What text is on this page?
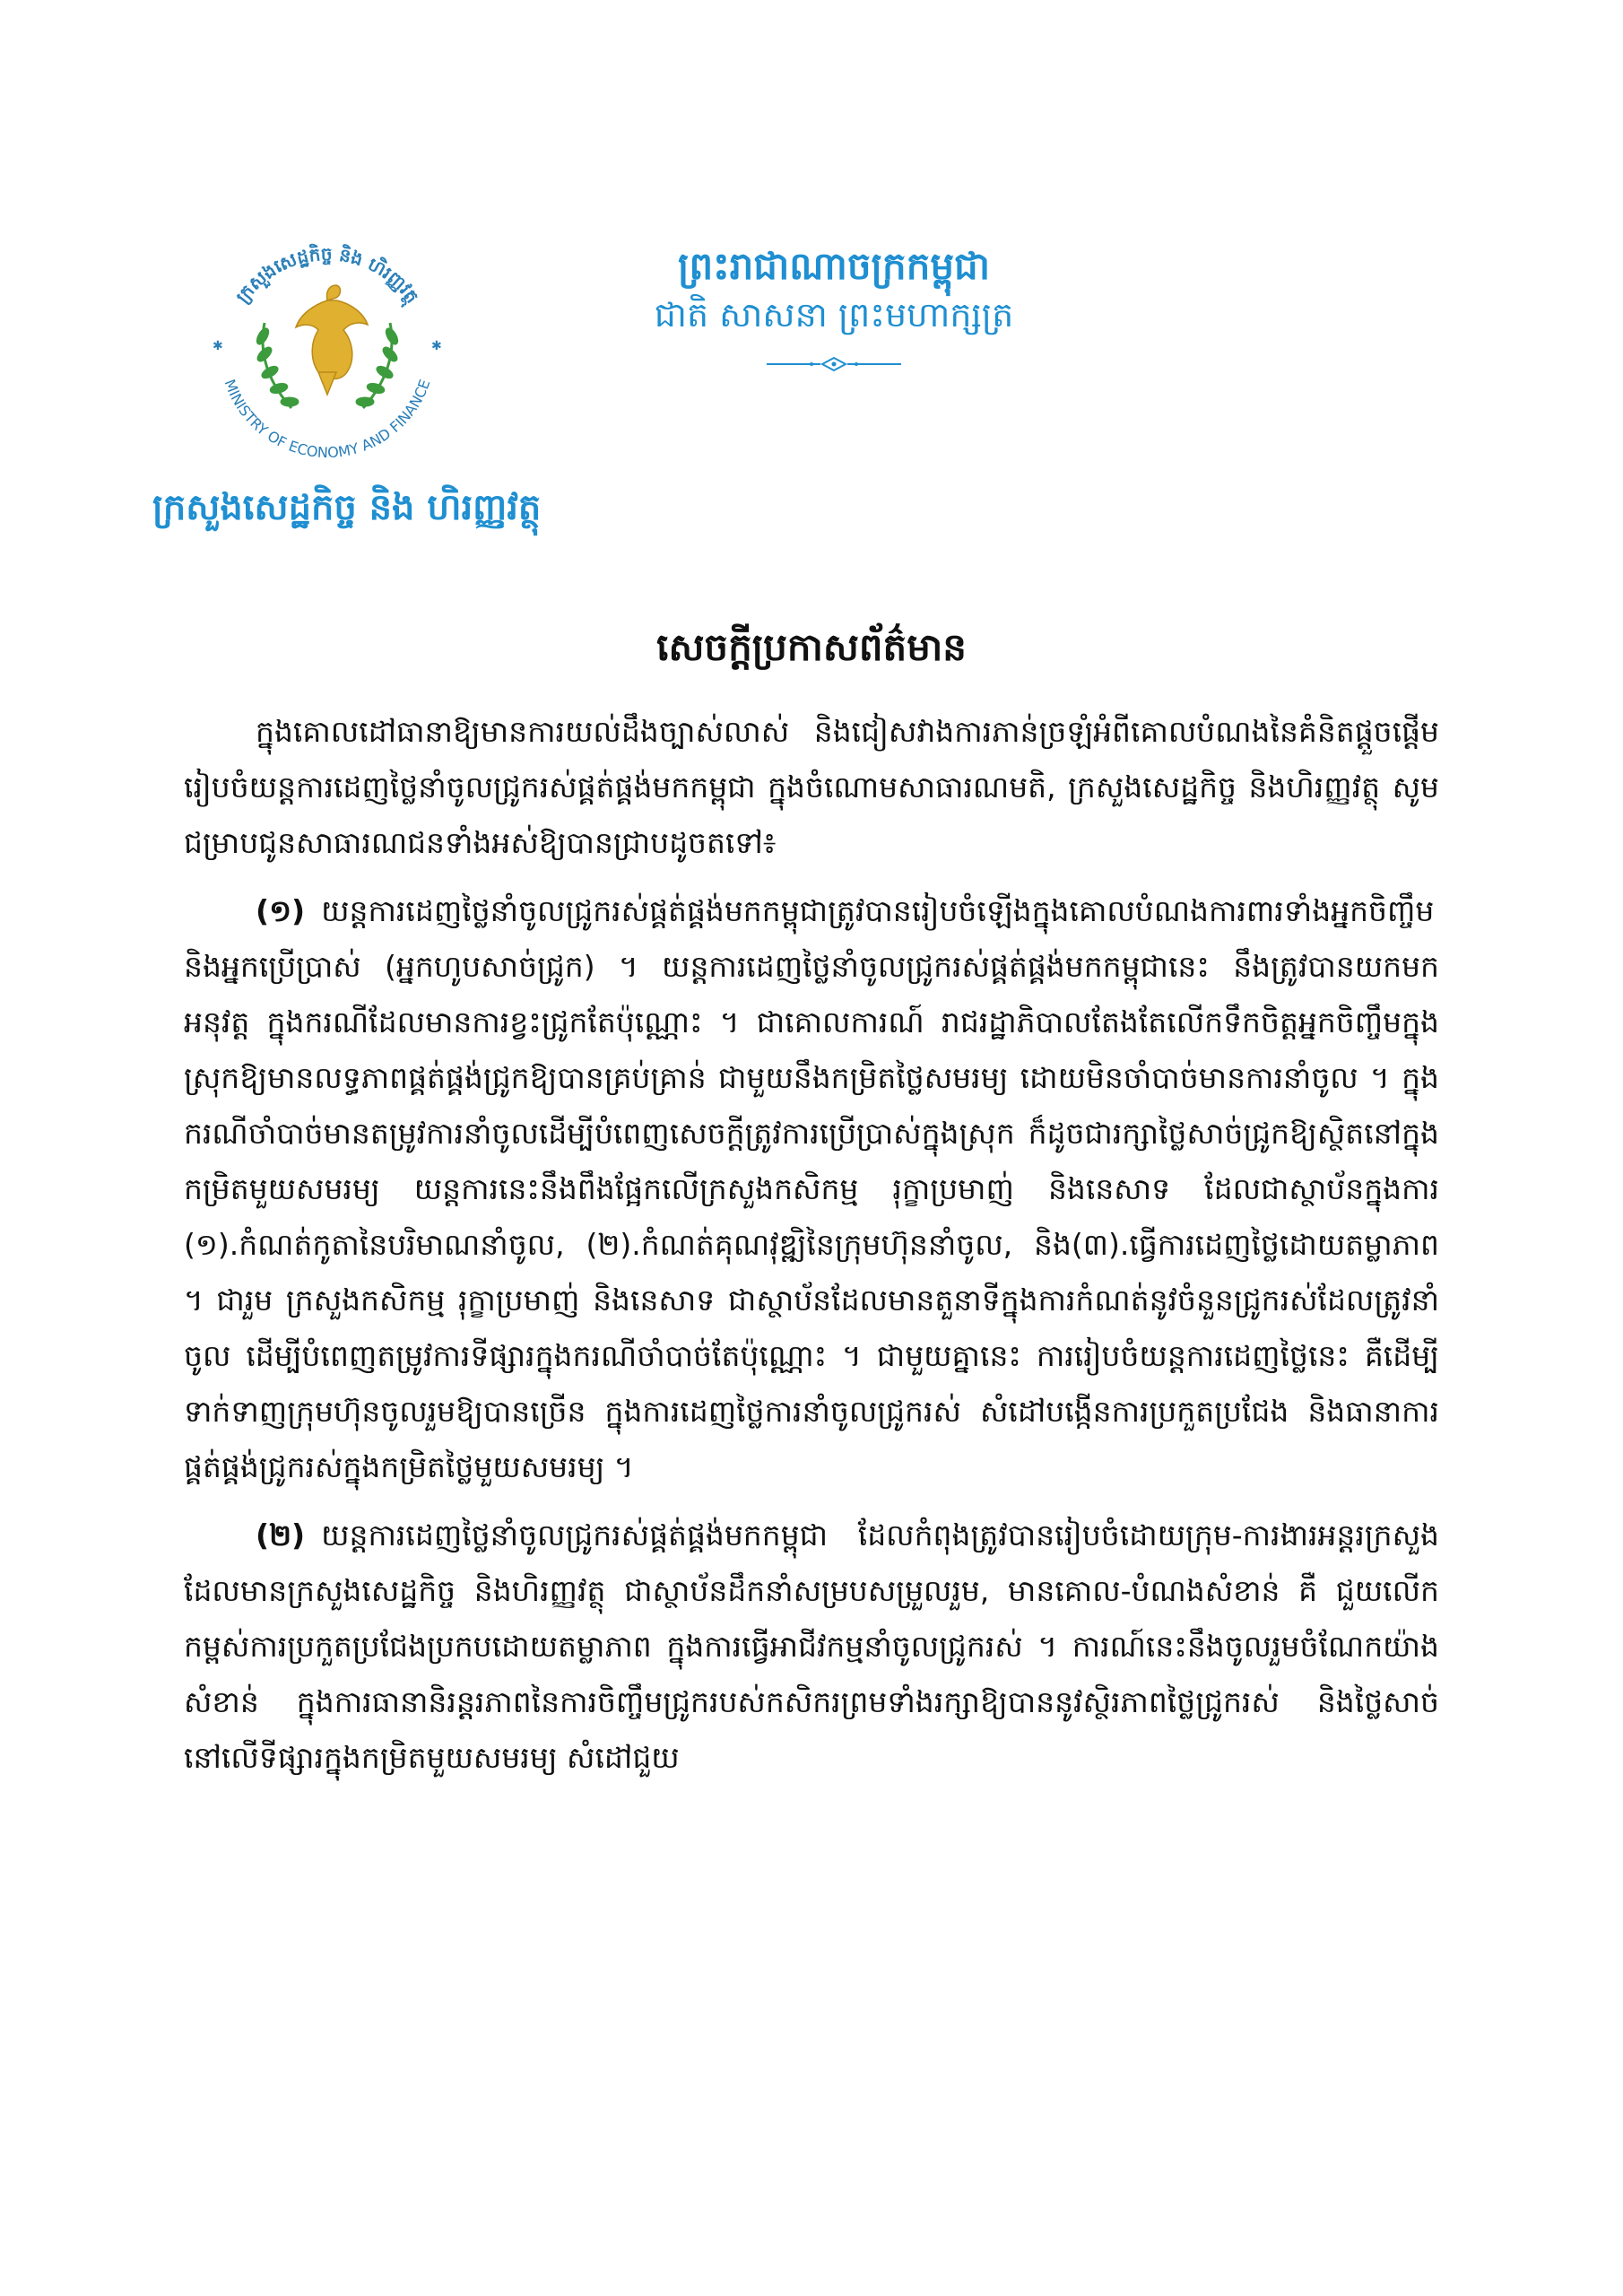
ក្រសួងសេដ្ឋកិច្ច និង ហិរញ្ញវត្ថុ
MINISTRY OF ECONOMY AND FINANCE
✱	✱
ក្រសួងសេដ្ឋកិច្ច និង ហិរញ្ញវត្ថុ
ព្រះរាជាណាចក្រកម្ពុជា
ជាតិ សាសនា ព្រះមហាក្សត្រ
សេចក្តីប្រកាសព័ត៌មាន

ក្នុងគោលដៅធានាឱ្យមានការយល់ដឹងច្បាស់លាស់ និងជៀសវាងការភាន់ច្រឡំអំពីគោលបំណងនៃគំនិតផ្តួចផ្តើមរៀបចំយន្តការដេញថ្លៃនាំចូលជ្រូករស់ផ្គត់ផ្គង់មកកម្ពុជា ក្នុងចំណោមសាធារណមតិ, ក្រសួងសេដ្ឋកិច្ច និងហិរញ្ញវត្ថុ សូមជម្រាបជូនសាធារណជនទាំងអស់ឱ្យបានជ្រាបដូចតទៅ៖

(១) យន្តការដេញថ្លៃនាំចូលជ្រូករស់ផ្គត់ផ្គង់មកកម្ពុជាត្រូវបានរៀបចំឡើងក្នុងគោលបំណងការពារទាំងអ្នកចិញ្ចឹម និងអ្នកប្រើប្រាស់ (អ្នកហូបសាច់ជ្រូក) ។ យន្តការដេញថ្លៃនាំចូលជ្រូករស់ផ្គត់ផ្គង់មកកម្ពុជានេះ នឹងត្រូវបានយកមកអនុវត្ត ក្នុងករណីដែលមានការខ្វះជ្រូកតែប៉ុណ្ណោះ ។ ជាគោលការណ៍ រាជរដ្ឋាភិបាលតែងតែលើកទឹកចិត្តអ្នកចិញ្ចឹមក្នុងស្រុកឱ្យមានលទ្ធភាពផ្គត់ផ្គង់ជ្រូកឱ្យបានគ្រប់គ្រាន់ ជាមួយនឹងកម្រិតថ្លៃសមរម្យ ដោយមិនចាំបាច់មានការនាំចូល ។ ក្នុងករណីចាំបាច់មានតម្រូវការនាំចូលដើម្បីបំពេញសេចក្តីត្រូវការប្រើប្រាស់ក្នុងស្រុក ក៏ដូចជារក្សាថ្លៃសាច់ជ្រូកឱ្យស្ថិតនៅក្នុងកម្រិតមួយសមរម្យ យន្តការនេះនឹងពឹងផ្អែកលើក្រសួងកសិកម្ម រុក្ខាប្រមាញ់ និងនេសាទ ដែលជាស្ថាប័នក្នុងការ (១).កំណត់កូតានៃបរិមាណនាំចូល, (២).កំណត់គុណវុឌ្ឍិនៃក្រុមហ៊ុននាំចូល, និង(៣).ធ្វើការដេញថ្លៃដោយតម្លាភាព ។ ជារួម ក្រសួងកសិកម្ម រុក្ខាប្រមាញ់ និងនេសាទ ជាស្ថាប័នដែលមានតួនាទីក្នុងការកំណត់នូវចំនួនជ្រូករស់ដែលត្រូវនាំចូល ដើម្បីបំពេញតម្រូវការទីផ្សារក្នុងករណីចាំបាច់តែប៉ុណ្ណោះ ។ ជាមួយគ្នានេះ ការរៀបចំយន្តការដេញថ្លៃនេះ គឺដើម្បីទាក់ទាញក្រុមហ៊ុនចូលរួមឱ្យបានច្រើន ក្នុងការដេញថ្លៃការនាំចូលជ្រូករស់ សំដៅបង្កើនការប្រកួតប្រជែង និងធានាការផ្គត់ផ្គង់ជ្រូករស់ក្នុងកម្រិតថ្លៃមួយសមរម្យ ។

(២) យន្តការដេញថ្លៃនាំចូលជ្រូករស់ផ្គត់ផ្គង់មកកម្ពុជា ដែលកំពុងត្រូវបានរៀបចំដោយក្រុម-ការងារអន្តរក្រសួង ដែលមានក្រសួងសេដ្ឋកិច្ច និងហិរញ្ញវត្ថុ ជាស្ថាប័នដឹកនាំសម្របសម្រួលរួម, មានគោល-បំណងសំខាន់ គឺ ជួយលើកកម្ពស់ការប្រកួតប្រជែងប្រកបដោយតម្លាភាព ក្នុងការធ្វើអាជីវកម្មនាំចូលជ្រូករស់ ។ ការណ៍នេះនឹងចូលរួមចំណែកយ៉ាងសំខាន់ ក្នុងការធានានិរន្តរភាពនៃការចិញ្ចឹមជ្រូករបស់កសិករព្រមទាំងរក្សាឱ្យបាននូវស្ថិរភាពថ្លៃជ្រូករស់ និងថ្លៃសាច់នៅលើទីផ្សារក្នុងកម្រិតមួយសមរម្យ សំដៅជួយ
